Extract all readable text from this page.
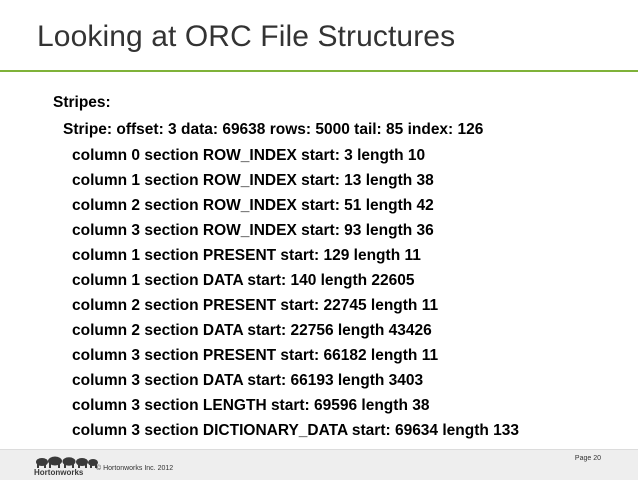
Looking at ORC File Structures
Stripes:
Stripe: offset: 3 data: 69638 rows: 5000 tail: 85 index: 126
column 0 section ROW_INDEX start: 3 length 10
column 1 section ROW_INDEX start: 13 length 38
column 2 section ROW_INDEX start: 51 length 42
column 3 section ROW_INDEX start: 93 length 36
column 1 section PRESENT start: 129 length 11
column 1 section DATA start: 140 length 22605
column 2 section PRESENT start: 22745 length 11
column 2 section DATA start: 22756 length 43426
column 3 section PRESENT start: 66182 length 11
column 3 section DATA start: 66193 length 3403
column 3 section LENGTH start: 69596 length 38
column 3 section DICTIONARY_DATA start: 69634 length 133
Hortonworks © Hortonworks Inc. 2012
Page 20
